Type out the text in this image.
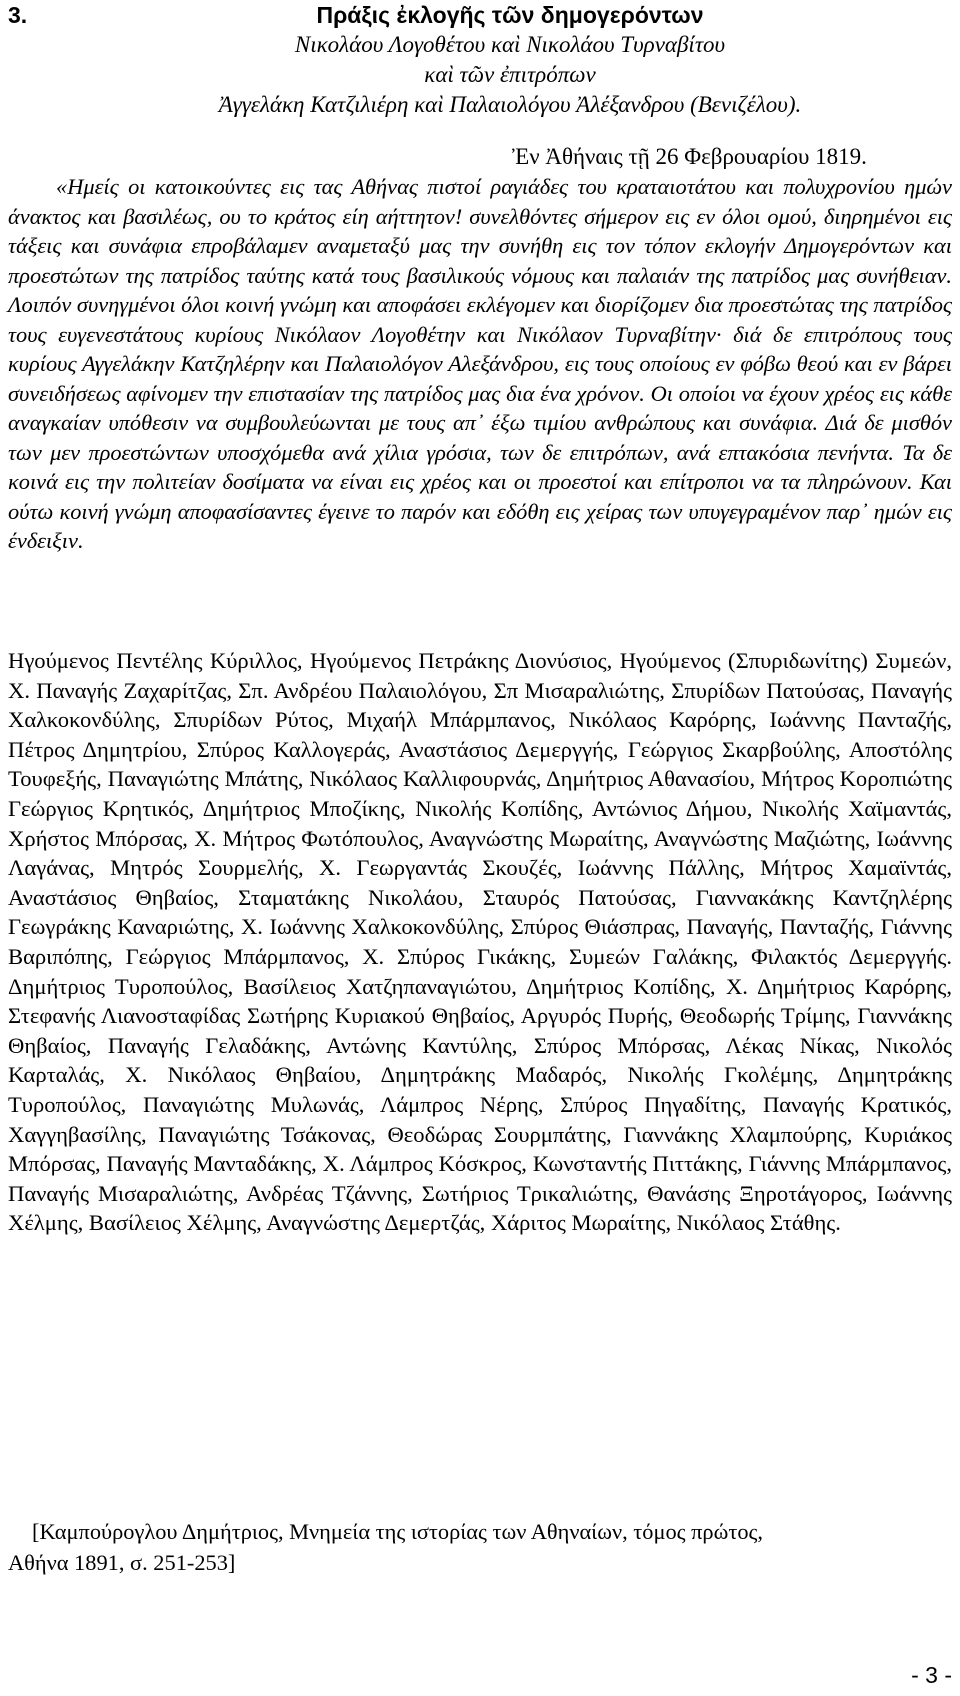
3.	Πράξις ἐκλογῆς τῶν δημογερόντων
Νικολάου Λογοθέτου καὶ Νικολάου Τυρναβίτου
καὶ τῶν ἐπιτρόπων
Ἀγγελάκη Κατζιλιέρη καὶ Παλαιολόγου Ἀλέξανδρου (Βενιζέλου).
Ἐν Ἀθήναις τῇ 26 Φεβρουαρίου 1819.
«Ημείς οι κατοικούντες εις τας Αθήνας πιστοί ραγιάδες του κραταιοτάτου και πολυχρονίου ημών άνακτος και βασιλέως, ου το κράτος είη αήττητον! συνελθόντες σήμερον εις εν όλοι ομού, διηρημένοι εις τάξεις και συνάφια επροβάλαμεν αναμεταξύ μας την συνήθη εις τον τόπον εκλογήν Δημογερόντων και προεστώτων της πατρίδος ταύτης κατά τους βασιλικούς νόμους και παλαιάν της πατρίδος μας συνήθειαν. Λοιπόν συνηγμένοι όλοι κοινή γνώμη και αποφάσει εκλέγομεν και διορίζομεν δια προεστώτας της πατρίδος τους ευγενεστάτους κυρίους Νικόλαον Λογοθέτην και Νικόλαον Τυρναβίτην· διά δε επιτρόπους τους κυρίους Αγγελάκην Κατζηλέρην και Παλαιολόγον Αλεξάνδρου, εις τους οποίους εν φόβω θεού και εν βάρει συνειδήσεως αφίνομεν την επιστασίαν της πατρίδος μας δια ένα χρόνον. Οι οποίοι να έχουν χρέος εις κάθε αναγκαίαν υπόθεσιν να συμβουλεύωνται με τους απ᾽ έξω τιμίου ανθρώπους και συνάφια. Διά δε μισθόν των μεν προεστώντων υποσχόμεθα ανά χίλια γρόσια, των δε επιτρόπων, ανά επτακόσια πενήντα. Τα δε κοινά εις την πολιτείαν δοσίματα να είναι εις χρέος και οι προεστοί και επίτροποι να τα πληρώνουν. Και ούτω κοινή γνώμη αποφασίσαντες έγεινε το παρόν και εδόθη εις χείρας των υπυγεγραμένον παρ᾽ ημών εις ένδειξιν.
Ηγούμενος Πεντέλης Κύριλλος, Ηγούμενος Πετράκης Διονύσιος, Ηγούμενος (Σπυριδωνίτης) Συμεών, Χ. Παναγής Ζαχαρίτζας, Σπ. Ανδρέου Παλαιολόγου, Σπ Μισαραλιώτης, Σπυρίδων Πατούσας, Παναγής Χαλκοκονδύλης, Σπυρίδων Ρύτος, Μιχαήλ Μπάρμπανος, Νικόλαος Καρόρης, Ιωάννης Πανταζής, Πέτρος Δημητρίου, Σπύρος Καλλογεράς, Αναστάσιος Δεμεργγής, Γεώργιος Σκαρβούλης, Αποστόλης Τουφεξής, Παναγιώτης Μπάτης, Νικόλαος Καλλιφουρνάς, Δημήτριος Αθανασίου, Μήτρος Κοροπιώτης Γεώργιος Κρητικός, Δημήτριος Μποζίκης, Νικολής Κοπίδης, Αντώνιος Δήμου, Νικολής Χαϊμαντάς, Χρήστος Μπόρσας, Χ. Μήτρος Φωτόπουλος, Αναγνώστης Μωραίτης, Αναγνώστης Μαζιώτης, Ιωάννης Λαγάνας, Μητρός Σουρμελής, Χ. Γεωργαντάς Σκουζές, Ιωάννης Πάλλης, Μήτρος Χαμαϊντάς, Αναστάσιος Θηβαίος, Σταματάκης Νικολάου, Σταυρός Πατούσας, Γιαννακάκης Καντζηλέρης Γεωγράκης Καναριώτης, Χ. Ιωάννης Χαλκοκονδύλης, Σπύρος Θιάσπρας, Παναγής, Πανταζής, Γιάννης Βαριπόπης, Γεώργιος Μπάρμπανος, Χ. Σπύρος Γικάκης, Συμεών Γαλάκης, Φιλακτός Δεμεργγής. Δημήτριος Τυροπούλος, Βασίλειος Χατζηπαναγιώτου, Δημήτριος Κοπίδης, Χ. Δημήτριος Καρόρης, Στεφανής Λιανοσταφίδας Σωτήρης Κυριακού Θηβαίος, Αργυρός Πυρής, Θεοδωρής Τρίμης, Γιαννάκης Θηβαίος, Παναγής Γελαδάκης, Αντώνης Καντύλης, Σπύρος Μπόρσας, Λέκας Νίκας, Νικολός Καρταλάς, Χ. Νικόλαος Θηβαίου, Δημητράκης Μαδαρός, Νικολής Γκολέμης, Δημητράκης Τυροπούλος, Παναγιώτης Μυλωνάς, Λάμπρος Νέρης, Σπύρος Πηγαδίτης, Παναγής Κρατικός, Χαγγηβασίλης, Παναγιώτης Τσάκονας, Θεοδώρας Σουρμπάτης, Γιαννάκης Χλαμπούρης, Κυριάκος Μπόρσας, Παναγής Μανταδάκης, Χ. Λάμπρος Κόσκρος, Κωνσταντής Πιττάκης, Γιάννης Μπάρμπανος, Παναγής Μισαραλιώτης, Ανδρέας Τζάννης, Σωτήριος Τρικαλιώτης, Θανάσης Ξηροτάγορος, Ιωάννης Χέλμης, Βασίλειος Χέλμης, Αναγνώστης Δεμερτζάς, Χάριτος Μωραίτης, Νικόλαος Στάθης.
[Καμπούρογλου Δημήτριος, Μνημεία της ιστορίας των Αθηναίων, τόμος πρώτος,
Αθήνα 1891, σ. 251-253]
- 3 -
